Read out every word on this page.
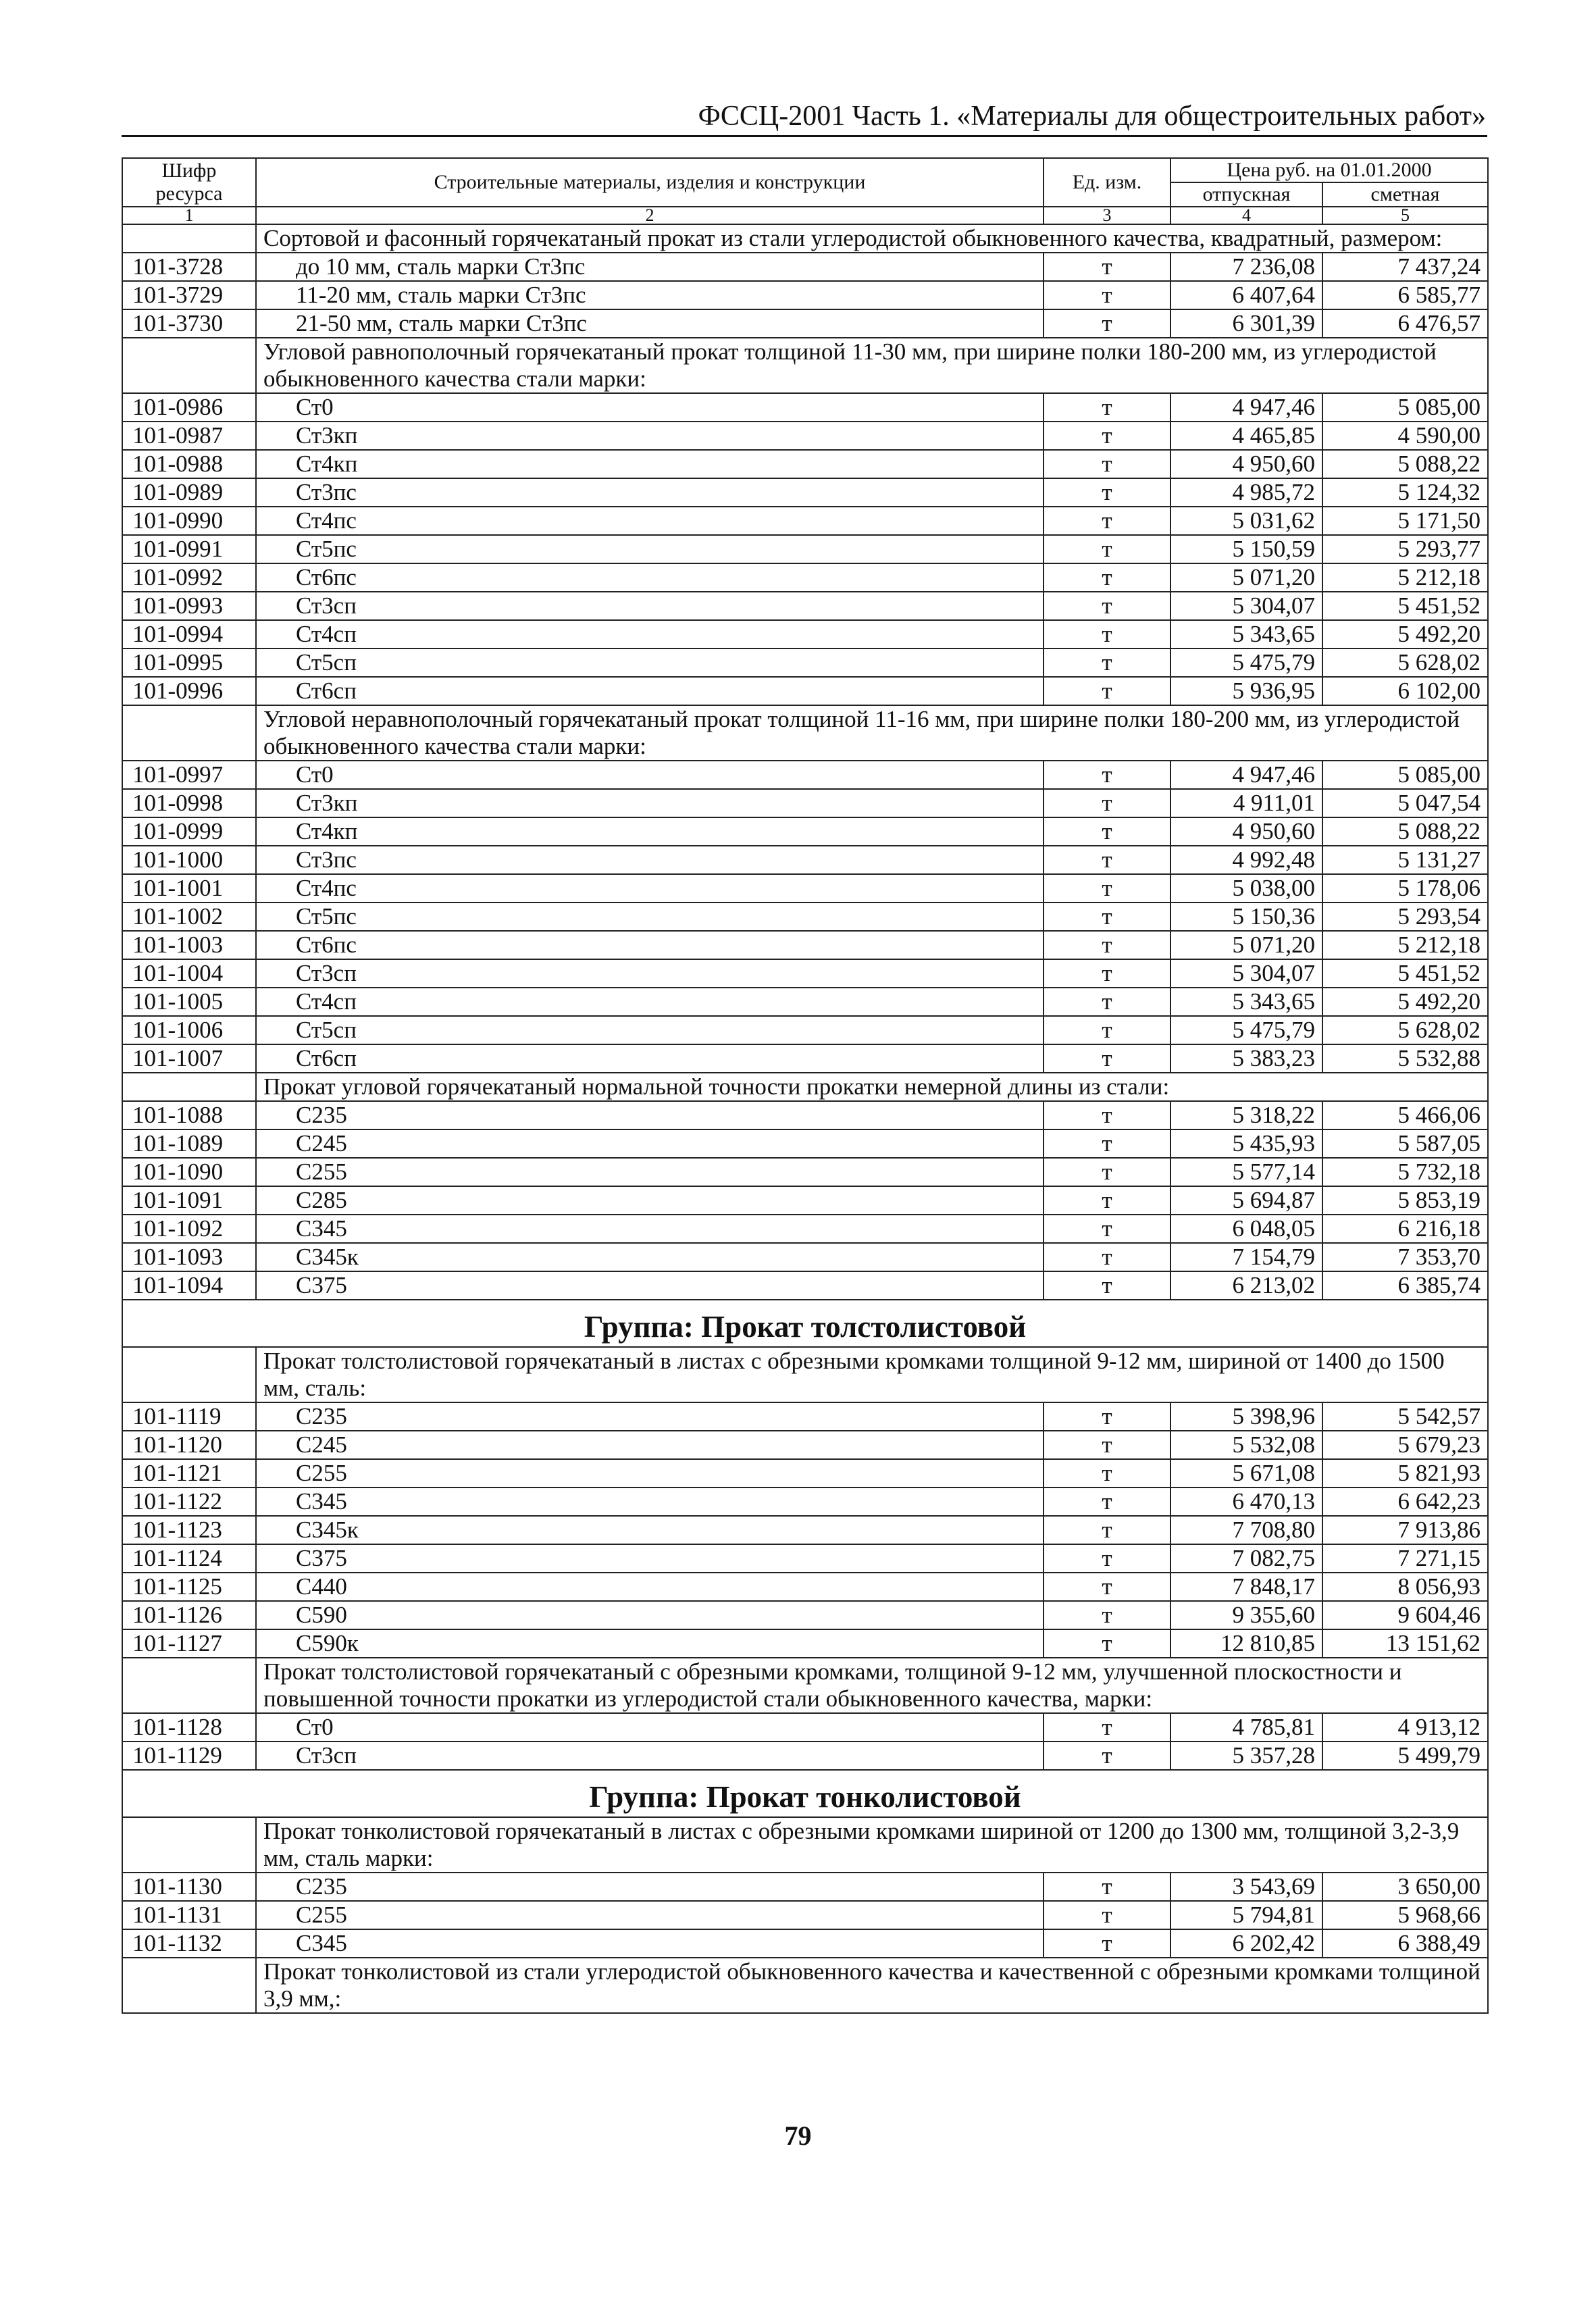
ФССЦ-2001 Часть 1. «Материалы для общестроительных работ»
Шифр ресурса	Строительные материалы, изделия и конструкции	Ед. изм.	Цена руб. на 01.01.2000	
			отпускная	сметная
1	2	3	4	5
	Сортовой и фасонный горячекатаный прокат из стали углеродистой обыкновенного качества, квадратный, размером:			
101-3728	до 10 мм, сталь марки Ст3пс	т	7 236,08	7 437,24
101-3729	11-20 мм, сталь марки Ст3пс	т	6 407,64	6 585,77
101-3730	21-50 мм, сталь марки Ст3пс	т	6 301,39	6 476,57
	Угловой равнополочный горячекатаный прокат толщиной 11-30 мм, при ширине полки 180-200 мм, из углеродистой обыкновенного качества стали марки:			
101-0986	Ст0	т	4 947,46	5 085,00
101-0987	Ст3кп	т	4 465,85	4 590,00
101-0988	Ст4кп	т	4 950,60	5 088,22
101-0989	Ст3пс	т	4 985,72	5 124,32
101-0990	Ст4пс	т	5 031,62	5 171,50
101-0991	Ст5пс	т	5 150,59	5 293,77
101-0992	Ст6пс	т	5 071,20	5 212,18
101-0993	Ст3сп	т	5 304,07	5 451,52
101-0994	Ст4сп	т	5 343,65	5 492,20
101-0995	Ст5сп	т	5 475,79	5 628,02
101-0996	Ст6сп	т	5 936,95	6 102,00
	Угловой неравнополочный горячекатаный прокат толщиной 11-16 мм, при ширине полки 180-200 мм, из углеродистой обыкновенного качества стали марки:			
101-0997	Ст0	т	4 947,46	5 085,00
101-0998	Ст3кп	т	4 911,01	5 047,54
101-0999	Ст4кп	т	4 950,60	5 088,22
101-1000	Ст3пс	т	4 992,48	5 131,27
101-1001	Ст4пс	т	5 038,00	5 178,06
101-1002	Ст5пс	т	5 150,36	5 293,54
101-1003	Ст6пс	т	5 071,20	5 212,18
101-1004	Ст3сп	т	5 304,07	5 451,52
101-1005	Ст4сп	т	5 343,65	5 492,20
101-1006	Ст5сп	т	5 475,79	5 628,02
101-1007	Ст6сп	т	5 383,23	5 532,88
	Прокат угловой горячекатаный нормальной точности прокатки немерной длины из стали:			
101-1088	С235	т	5 318,22	5 466,06
101-1089	С245	т	5 435,93	5 587,05
101-1090	С255	т	5 577,14	5 732,18
101-1091	С285	т	5 694,87	5 853,19
101-1092	С345	т	6 048,05	6 216,18
101-1093	С345к	т	7 154,79	7 353,70
101-1094	С375	т	6 213,02	6 385,74
Группа: Прокат толстолистовой				
	Прокат толстолистовой горячекатаный в листах с обрезными кромками толщиной 9-12 мм, шириной от 1400 до 1500 мм, сталь:			
101-1119	С235	т	5 398,96	5 542,57
101-1120	С245	т	5 532,08	5 679,23
101-1121	С255	т	5 671,08	5 821,93
101-1122	С345	т	6 470,13	6 642,23
101-1123	С345к	т	7 708,80	7 913,86
101-1124	С375	т	7 082,75	7 271,15
101-1125	С440	т	7 848,17	8 056,93
101-1126	С590	т	9 355,60	9 604,46
101-1127	С590к	т	12 810,85	13 151,62
	Прокат толстолистовой горячекатаный с обрезными кромками, толщиной 9-12 мм, улучшенной плоскостности и повышенной точности прокатки из углеродистой стали обыкновенного качества, марки:			
101-1128	Ст0	т	4 785,81	4 913,12
101-1129	Ст3сп	т	5 357,28	5 499,79
Группа: Прокат тонколистовой				
	Прокат тонколистовой горячекатаный в листах с обрезными кромками шириной от 1200 до 1300 мм, толщиной 3,2-3,9 мм, сталь марки:			
101-1130	С235	т	3 543,69	3 650,00
101-1131	С255	т	5 794,81	5 968,66
101-1132	С345	т	6 202,42	6 388,49
	Прокат тонколистовой из стали углеродистой обыкновенного качества и качественной с обрезными кромками толщиной 3,9 мм,:			
79
